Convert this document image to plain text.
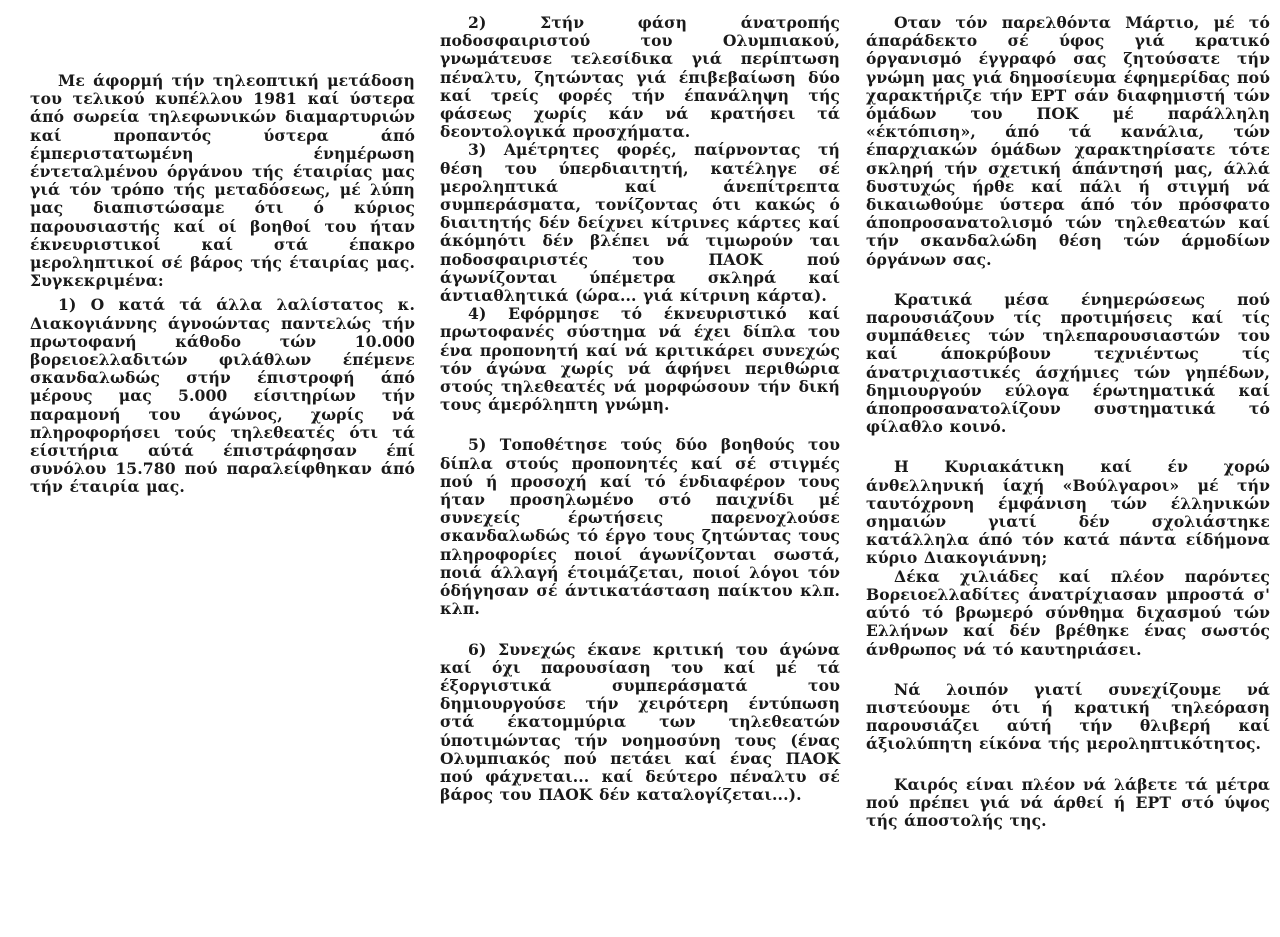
Με άφορμή τήν τηλεοπτική μετάδοση του τελικού κυπέλλου 1981 καί ύστερα άπό σωρεία τηλεφωνικών διαμαρτυριών καί προπαντός ύστερα άπό έμπεριστατωμένη ένημέρωση έντεταλμένου όργάνου τής έταιρίας μας γιά τόν τρόπο τής μεταδόσεως, μέ λύπη μας διαπιστώσαμε ότι ό κύριος παρουσιαστής καί οί βοηθοί του ήταν έκνευριστικοί καί στά έπακρο μεροληπτικοί σέ βάρος τής έταιρίας μας. Συγκεκριμένα:

1) Ο κατά τά άλλα λαλίστατος κ. Διακογιάννης άγνοώντας παντελώς τήν πρωτοφανή κάθοδο τών 10.000 βορειοελλαδιτών φιλάθλων έπέμενε σκανδαλωδώς στήν έπιστροφή άπό μέρους μας 5.000 είσιτηρίων τήν παραμονή του άγώνος, χωρίς νά πληροφορήσει τούς τηλεθεατές ότι τά είσιτήρια αύτά έπιστράφησαν έπί συνόλου 15.780 πού παραλείφθηκαν άπό τήν έταιρία μας.

2) Στήν φάση άνατροπής ποδοσφαιριστού του Ολυμπιακού, γνωμάτευσε τελεσίδικα γιά περίπτωση πέναλτυ, ζητώντας γιά έπιβεβαίωση δύο καί τρείς φορές τήν έπανάληψη τής φάσεως χωρίς κάν νά κρατήσει τά δεοντολογικά προσχήματα.

3) Αμέτρητες φορές, παίρνοντας τή θέση του ύπερδιαιτητή, κατέληγε σέ μεροληπτικά καί άνεπίτρεπτα συμπεράσματα, τονίζοντας ότι κακώς ό διαιτητής δέν δείχνει κίτρινες κάρτες καί άκόμηότι δέν βλέπει νά τιμωρούν ται ποδοσφαιριστές του ΠΑΟΚ πού άγωνίζονται ύπέμετρα σκληρά καί άντιαθλητικά (ώρα... γιά κίτρινη κάρτα).

4) Εφόρμησε τό έκνευριστικό καί πρωτοφανές σύστημα νά έχει δίπλα του ένα προπονητή καί νά κριτικάρει συνεχώς τόν άγώνα χωρίς νά άφήνει περιθώρια στούς τηλεθεατές νά μορφώσουν τήν δική τους άμερόληπτη γνώμη.

5) Τοποθέτησε τούς δύο βοηθούς του δίπλα στούς προπονητές καί σέ στιγμές πού ή προσοχή καί τό ένδιαφέρον τους ήταν προσηλωμένο στό παιχνίδι μέ συνεχείς έρωτήσεις παρενοχλούσε σκανδαλωδώς τό έργο τους ζητώντας τους πληροφορίες ποιοί άγωνίζονται σωστά, ποιά άλλαγή έτοιμάζεται, ποιοί λόγοι τόν όδήγησαν σέ άντικατάσταση παίκτου κλπ. κλπ.

6) Συνεχώς έκανε κριτική του άγώνα καί όχι παρουσίαση του καί μέ τά έξοργιστικά συμπεράσματά του δημιουργούσε τήν χειρότερη έντύπωση στά έκατομμύρια των τηλεθεατών ύποτιμώντας τήν νοημοσύνη τους (ένας Ολυμπιακός πού πετάει καί ένας ΠΑΟΚ πού φάχνεται... καί δεύτερο πέναλτυ σέ βάρος του ΠΑΟΚ δέν καταλογίζεται...).

Οταν τόν παρελθόντα Μάρτιο, μέ τό άπαράδεκτο σέ ύφος γιά κρατικό όργανισμό έγγραφό σας ζητούσατε τήν γνώμη μας γιά δημοσίευμα έφημερίδας πού χαρακτήριζε τήν ΕΡΤ σάν διαφημιστή τών όμάδων του ΠΟΚ μέ παράλληλη «έκτόπιση», άπό τά κανάλια, τών έπαρχιακών όμάδων χαρακτηρίσατε τότε σκληρή τήν σχετική άπάντησή μας, άλλά δυστυχώς ήρθε καί πάλι ή στιγμή νά δικαιωθούμε ύστερα άπό τόν πρόσφατο άποπροσανατολισμό τών τηλεθεατών καί τήν σκανδαλώδη θέση τών άρμοδίων όργάνων σας.

Κρατικά μέσα ένημερώσεως πού παρουσιάζουν τίς προτιμήσεις καί τίς συμπάθειες τών τηλεπαρουσιαστών του καί άποκρύβουν τεχνιέντως τίς άνατριχιαστικές άσχήμιες τών γηπέδων, δημιουργούν εύλογα έρωτηματικά καί άποπροσανατολίζουν συστηματικά τό φίλαθλο κοινό.

Η Κυριακάτικη καί έν χορώ άνθελληνική ίαχή «Βούλγαροι» μέ τήν ταυτόχρονη έμφάνιση τών έλληνικών σημαιών γιατί δέν σχολιάστηκε κατάλληλα άπό τόν κατά πάντα είδήμονα κύριο Διακογιάννη;

Δέκα χιλιάδες καί πλέον παρόντες Βορειοελλαδίτες άνατρίχιασαν μπροστά σ' αύτό τό βρωμερό σύνθημα διχασμού τών Ελλήνων καί δέν βρέθηκε ένας σωστός άνθρωπος νά τό καυτηριάσει.

Νά λοιπόν γιατί συνεχίζουμε νά πιστεύουμε ότι ή κρατική τηλεόραση παρουσιάζει αύτή τήν θλιβερή καί άξιολύπητη είκόνα τής μεροληπτικότητος.

Καιρός είναι πλέον νά λάβετε τά μέτρα πού πρέπει γιά νά άρθεί ή ΕΡΤ στό ύψος τής άποστολής της.
